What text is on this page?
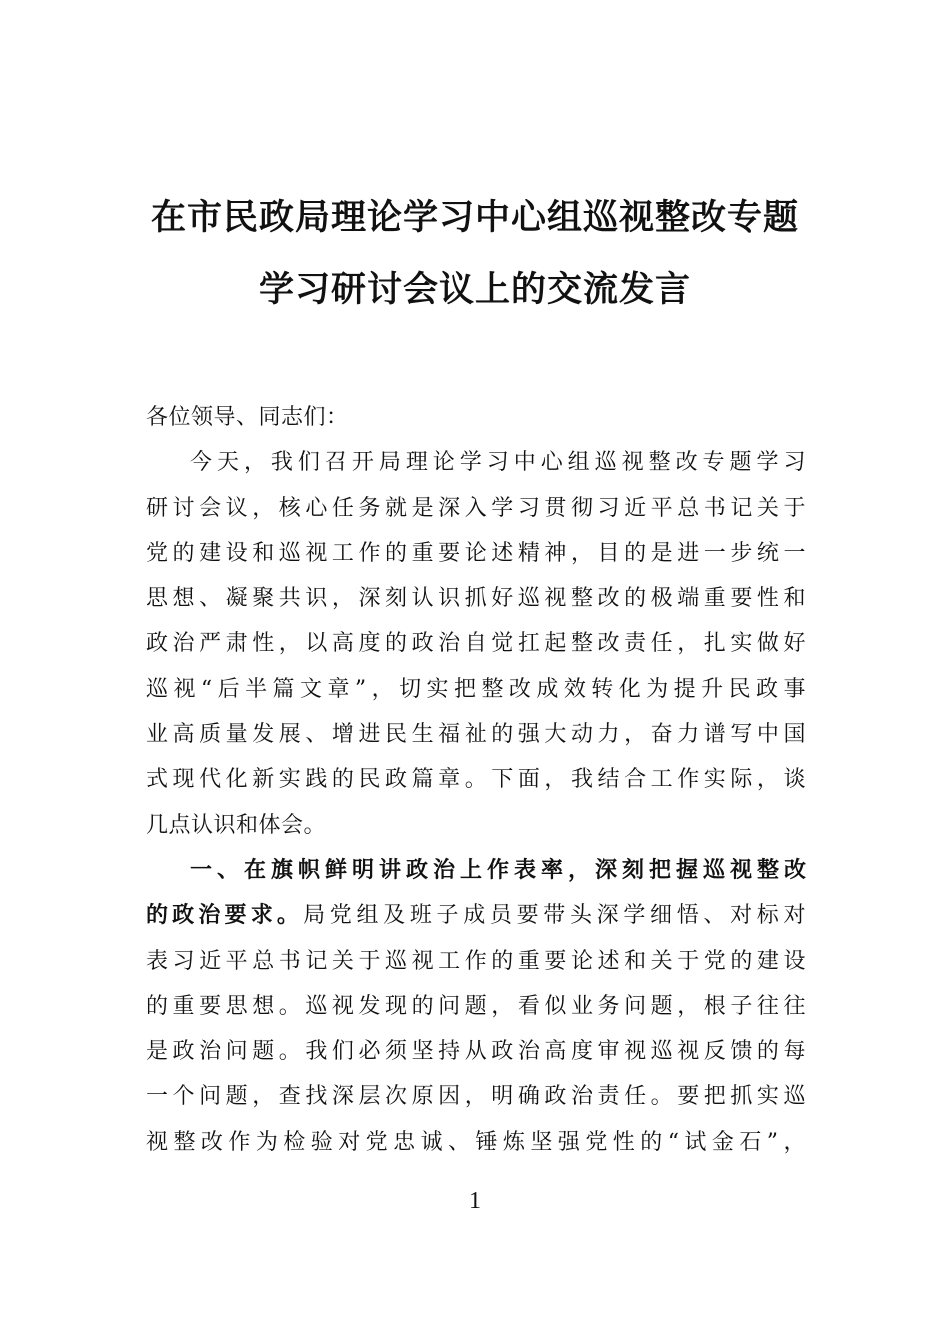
在市民政局理论学习中心组巡视整改专题
学习研讨会议上的交流发言
各位领导、同志们：
今天，我们召开局理论学习中心组巡视整改专题学习
研讨会议，核心任务就是深入学习贯彻习近平总书记关于
党的建设和巡视工作的重要论述精神，目的是进一步统一
思想、凝聚共识，深刻认识抓好巡视整改的极端重要性和
政治严肃性，以高度的政治自觉扛起整改责任，扎实做好
巡视“后半篇文章”，切实把整改成效转化为提升民政事
业高质量发展、增进民生福祉的强大动力，奋力谱写中国
式现代化新实践的民政篇章。下面，我结合工作实际，谈
几点认识和体会。
一、在旗帜鲜明讲政治上作表率，深刻把握巡视整改
的政治要求。局党组及班子成员要带头深学细悟、对标对
表习近平总书记关于巡视工作的重要论述和关于党的建设
的重要思想。巡视发现的问题，看似业务问题，根子往往
是政治问题。我们必须坚持从政治高度审视巡视反馈的每
一个问题，查找深层次原因，明确政治责任。要把抓实巡
视整改作为检验对党忠诚、锤炼坚强党性的“试金石”，
1
